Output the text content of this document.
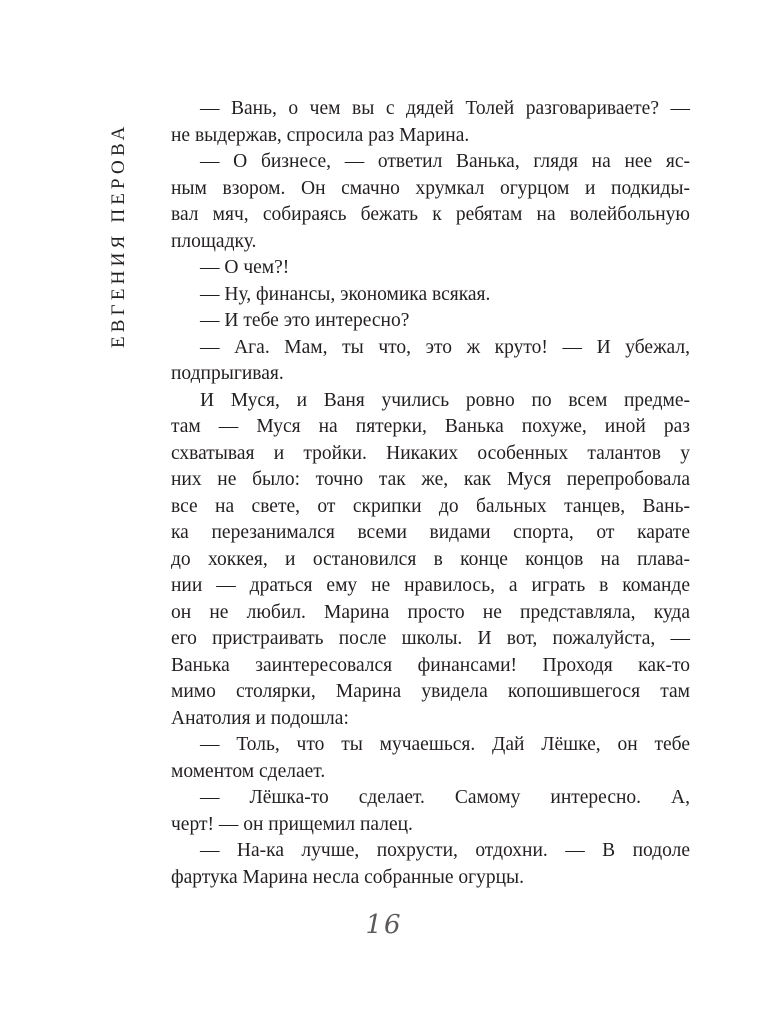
ЕВГЕНИЯ ПЕРОВА

— Вань, о чем вы с дядей Толей разговариваете? —
не выдержав, спросила раз Марина.

— О бизнесе, — ответил Ванька, глядя на нее яс-
ным взором. Он смачно хрумкал огурцом и подкиды-
вал мяч, собираясь бежать к ребятам на волейбольную
площадку.

— О чем?!

— Ну, финансы, экономика всякая.

— И тебе это интересно?

— Ага. Мам, ты что, это ж круто! — И убежал,
подпрыгивая.

И Муся, и Ваня учились ровно по всем предме-
там — Муся на пятерки, Ванька похуже, иной раз
схватывая и тройки. Никаких особенных талантов у
них не было: точно так же, как Муся перепробовала
все на свете, от скрипки до бальных танцев, Вань-
ка перезанимался всеми видами спорта, от карате
до хоккея, и остановился в конце концов на плава-
нии — драться ему не нравилось, а играть в команде
он не любил. Марина просто не представляла, куда
его пристраивать после школы. И вот, пожалуйста, —
Ванька заинтересовался финансами! Проходя как-то
мимо столярки, Марина увидела копошившегося там
Анатолия и подошла:

— Толь, что ты мучаешься. Дай Лёшке, он тебе
моментом сделает.

— Лёшка-то сделает. Самому интересно. А,
черт! — он прищемил палец.

— На-ка лучше, похрусти, отдохни. — В подоле
фартука Марина несла собранные огурцы.

16
